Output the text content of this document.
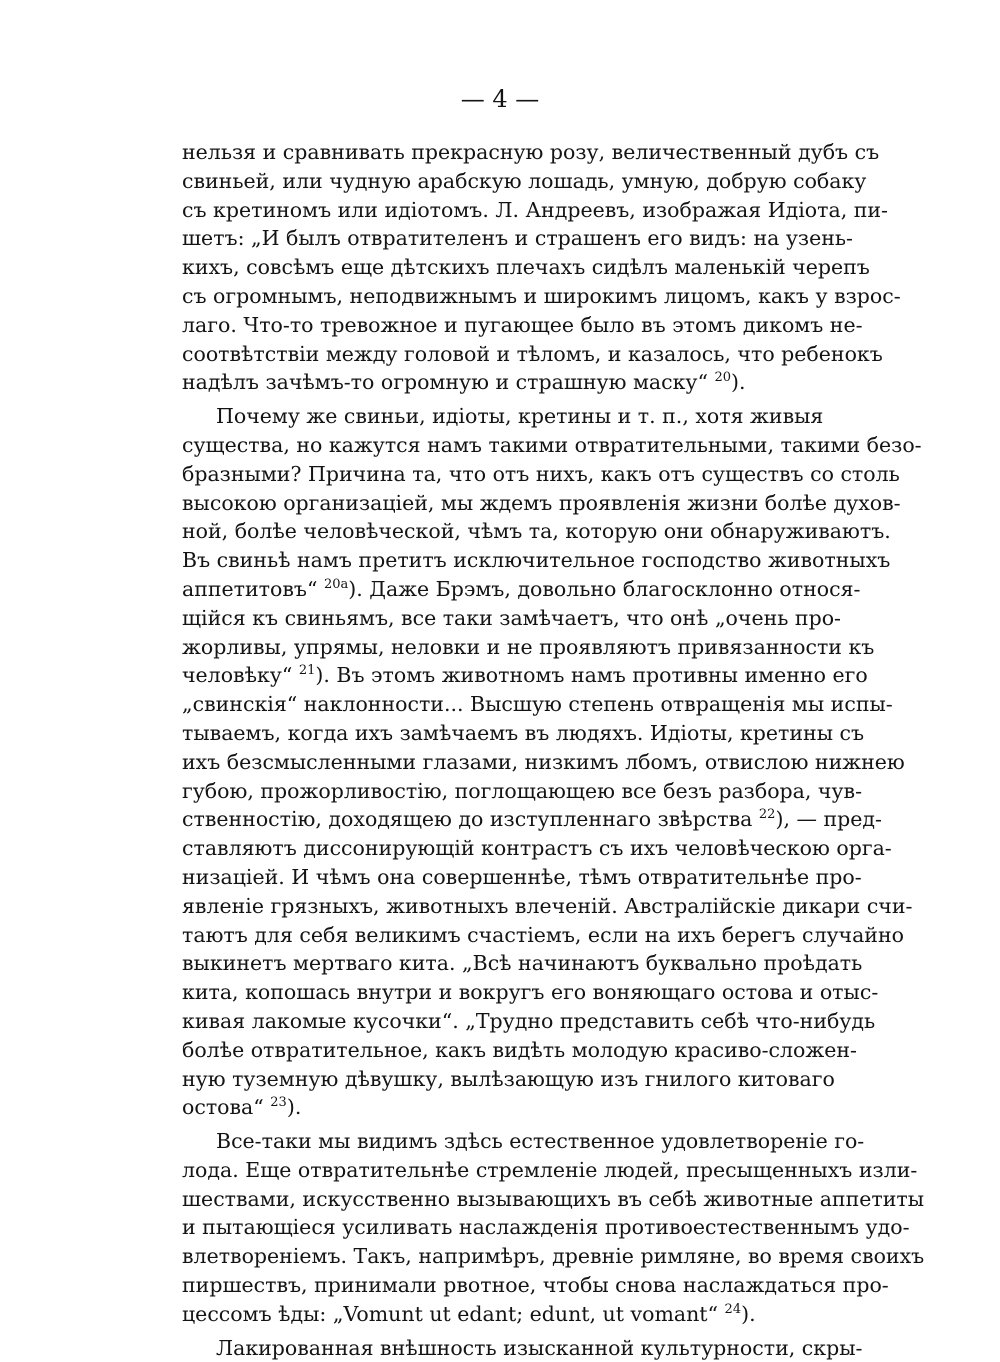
— 4 —
нельзя и сравнивать прекрасную розу, величественный дубъ съ
свиньей, или чудную арабскую лошадь, умную, добрую собаку
съ кретиномъ или идiотомъ. Л. Андреевъ, изображая Идiота, пи-
шетъ: „И былъ отвратителенъ и страшенъ его видъ: на узень-
кихъ, совсѣмъ еще дѣтскихъ плечахъ сидѣлъ маленькiй черепъ
съ огромнымъ, неподвижнымъ и широкимъ лицомъ, какъ у взрос-
лаго. Что-то тревожное и пугающее было въ этомъ дикомъ не-
соотвѣтствiи между головой и тѣломъ, и казалось, что ребенокъ
надѣлъ зачѣмъ-то огромную и страшную маску“ $^{20}$).
Почему же свиньи, идiоты, кретины и т. п., хотя живыя
существа, но кажутся намъ такими отвратительными, такими безо-
бразными? Причина та, что отъ нихъ, какъ отъ существъ со столь
высокою организацiей, мы ждемъ проявленiя жизни болѣе духов-
ной, болѣе человѣческой, чѣмъ та, которую они обнаруживаютъ.
Въ свиньѣ намъ претитъ исключительное господство животныхъ
аппетитовъ“ $^{20а}$). Даже Брэмъ, довольно благосклонно относя-
щiйся къ свиньямъ, все таки замѣчаетъ, что онѣ „очень про-
жорливы, упрямы, неловки и не проявляютъ привязанности къ
человѣку“ $^{21}$). Въ этомъ животномъ намъ противны именно его
„свинскiя“ наклонности... Высшую степень отвращенiя мы испы-
тываемъ, когда ихъ замѣчаемъ въ людяхъ. Идiоты, кретины съ
ихъ безсмысленными глазами, низкимъ лбомъ, отвислою нижнею
губою, прожорливостiю, поглощающею все безъ разбора, чув-
ственностiю, доходящею до изступленнаго звѣрства $^{22}$), — пред-
ставляютъ диссонирующiй контрастъ съ ихъ человѣческою орга-
низацiей. И чѣмъ она совершеннѣе, тѣмъ отвратительнѣе про-
явленiе грязныхъ, животныхъ влеченiй. Австралiйскiе дикари счи-
таютъ для себя великимъ счастiемъ, если на ихъ берегъ случайно
выкинетъ мертваго кита. „Всѣ начинаютъ буквально проѣдать
кита, копошась внутри и вокругъ его воняющаго остова и отыс-
кивая лакомые кусочки“. „Трудно представить себѣ что-нибудь
болѣе отвратительное, какъ видѣть молодую красиво-сложен-
ную туземную дѣвушку, вылѣзающую изъ гнилого китоваго
остова“ $^{23}$).
Все-таки мы видимъ здѣсь естественное удовлетворенiе го-
лода. Еще отвратительнѣе стремленiе людей, пресыщенныхъ изли-
шествами, искусственно вызывающихъ въ себѣ животные аппетиты
и пытающiеся усиливать наслажденiя противоестественнымъ удо-
влетворенiемъ. Такъ, напримѣръ, древнiе римляне, во время своихъ
пиршествъ, принимали рвотное, чтобы снова наслаждаться про-
цессомъ ѣды: „Vomunt ut edant; edunt, ut vomant“ $^{24}$).
Лакированная внѣшность изысканной культурности, скры-
